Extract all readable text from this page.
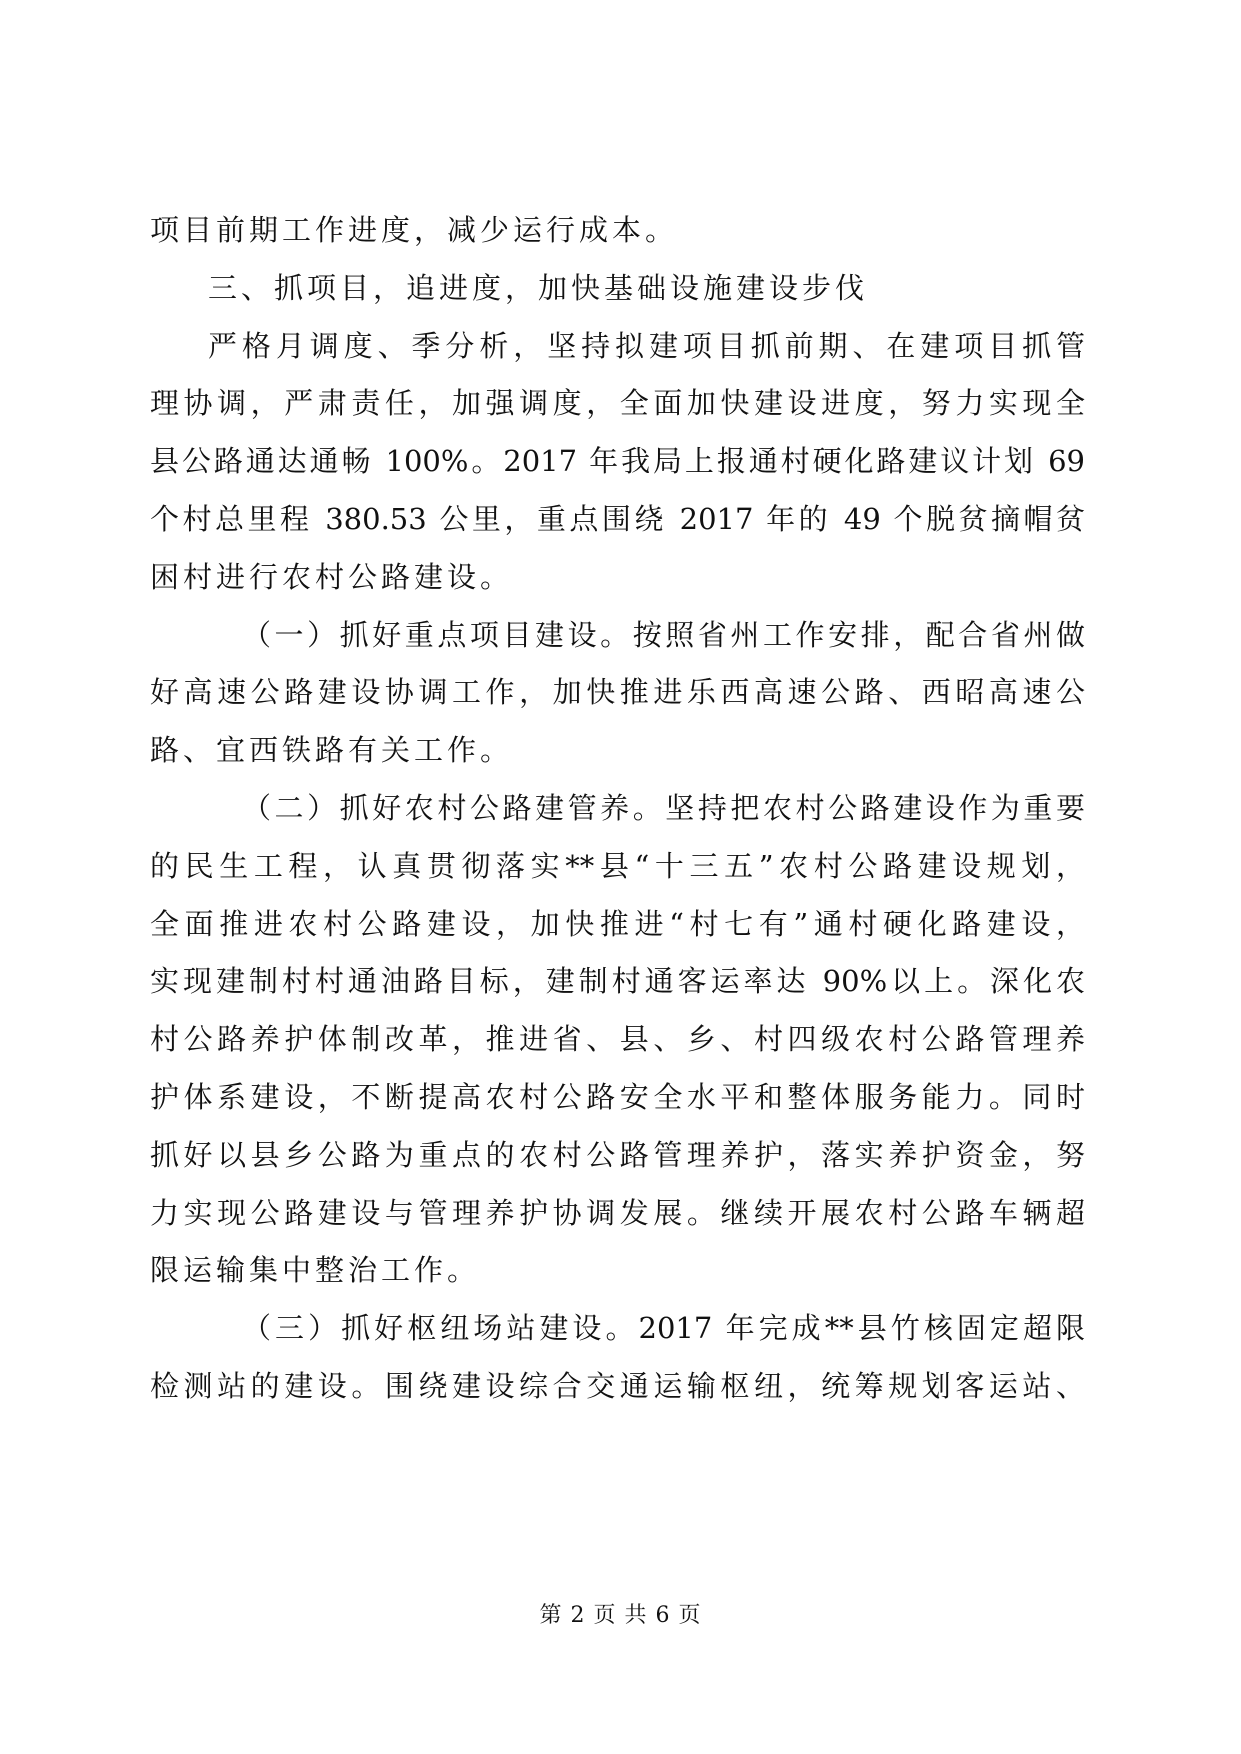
项目前期工作进度，减少运行成本。
三、抓项目，追进度，加快基础设施建设步伐
严格月调度、季分析，坚持拟建项目抓前期、在建项目抓管
理协调，严肃责任，加强调度，全面加快建设进度，努力实现全
县公路通达通畅 100%。2017 年我局上报通村硬化路建议计划 69
个村总里程 380.53 公里，重点围绕 2017 年的 49 个脱贫摘帽贫
困村进行农村公路建设。
（一）抓好重点项目建设。按照省州工作安排，配合省州做
好高速公路建设协调工作，加快推进乐西高速公路、西昭高速公
路、宜西铁路有关工作。
（二）抓好农村公路建管养。坚持把农村公路建设作为重要
的民生工程，认真贯彻落实**县“十三五”农村公路建设规划，
全面推进农村公路建设，加快推进“村七有”通村硬化路建设，
实现建制村村通油路目标，建制村通客运率达 90%以上。深化农
村公路养护体制改革，推进省、县、乡、村四级农村公路管理养
护体系建设，不断提高农村公路安全水平和整体服务能力。同时
抓好以县乡公路为重点的农村公路管理养护，落实养护资金，努
力实现公路建设与管理养护协调发展。继续开展农村公路车辆超
限运输集中整治工作。
（三）抓好枢纽场站建设。2017 年完成**县竹核固定超限
检测站的建设。围绕建设综合交通运输枢纽，统筹规划客运站、
第 2 页 共 6 页
